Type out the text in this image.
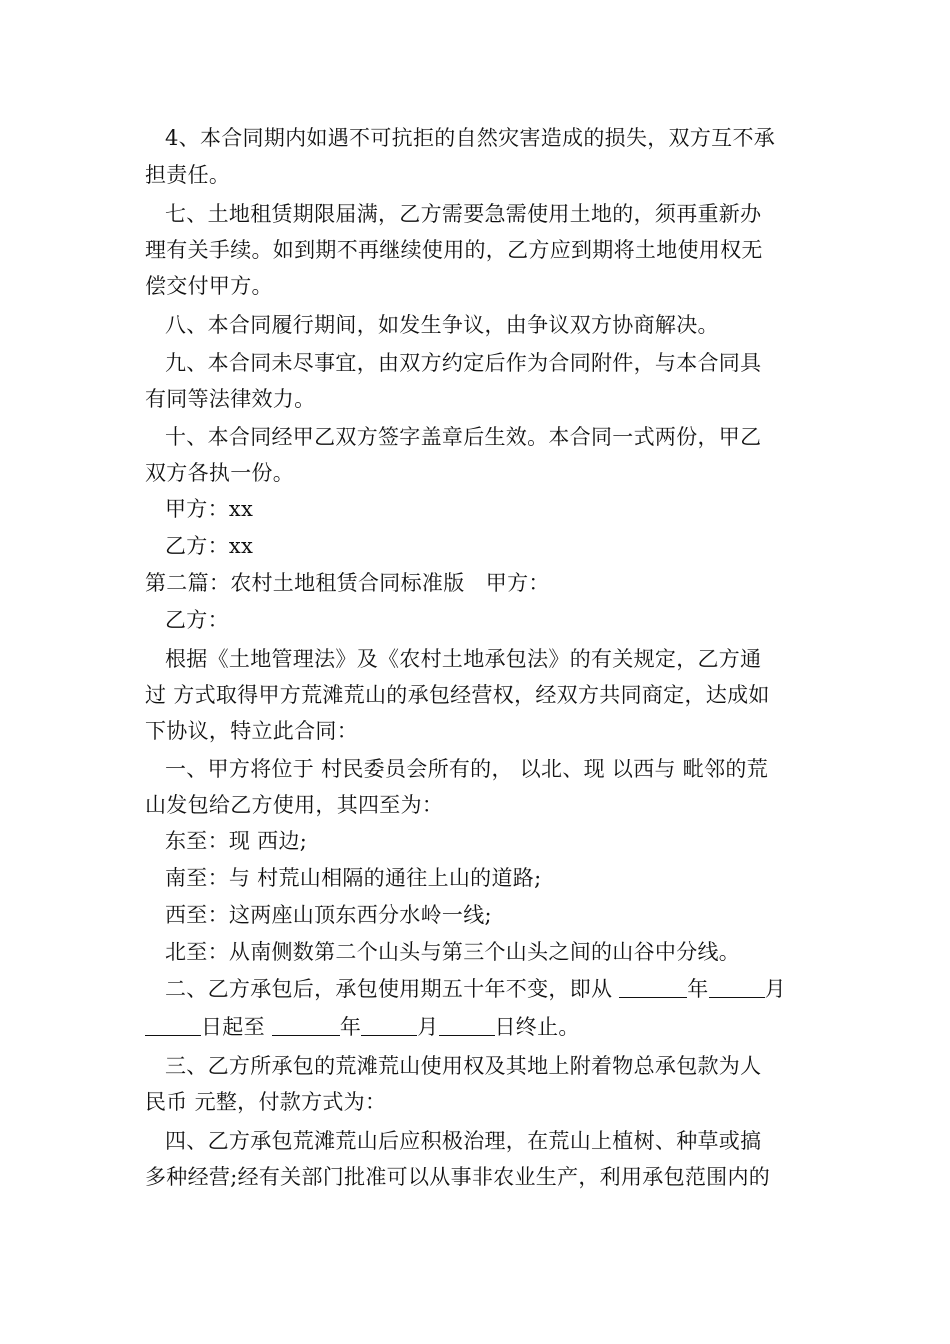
4、本合同期内如遇不可抗拒的自然灾害造成的损失，双方互不承
担责任。
七、土地租赁期限届满，乙方需要急需使用土地的，须再重新办
理有关手续。如到期不再继续使用的，乙方应到期将土地使用权无
偿交付甲方。
八、本合同履行期间，如发生争议，由争议双方协商解决。
九、本合同未尽事宜，由双方约定后作为合同附件，与本合同具
有同等法律效力。
十、本合同经甲乙双方签字盖章后生效。本合同一式两份，甲乙
双方各执一份。
甲方：xx
乙方：xx
第二篇：农村土地租赁合同标准版　甲方：
乙方：
根据《土地管理法》及《农村土地承包法》的有关规定，乙方通
过 方式取得甲方荒滩荒山的承包经营权，经双方共同商定，达成如
下协议，特立此合同：
一、甲方将位于 村民委员会所有的， 以北、现 以西与 毗邻的荒
山发包给乙方使用，其四至为：
东至：现 西边;
南至：与 村荒山相隔的通往上山的道路;
西至：这两座山顶东西分水岭一线;
北至：从南侧数第二个山头与第三个山头之间的山谷中分线。
二、乙方承包后，承包使用期五十年不变，即从	年	月
日起至	年	月	日终止。
三、乙方所承包的荒滩荒山使用权及其地上附着物总承包款为人
民币 元整，付款方式为：
四、乙方承包荒滩荒山后应积极治理，在荒山上植树、种草或搞
多种经营;经有关部门批准可以从事非农业生产，利用承包范围内的
